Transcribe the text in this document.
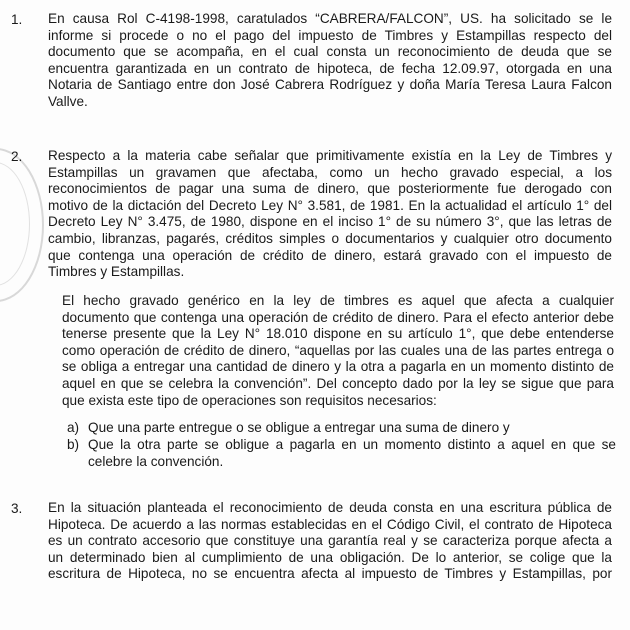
1. En causa Rol C-4198-1998, caratulados “CABRERA/FALCON”, US. ha solicitado se le
informe si procede o no el pago del impuesto de Timbres y Estampillas respecto del
documento que se acompaña, en el cual consta un reconocimiento de deuda que se
encuentra garantizada en un contrato de hipoteca, de fecha 12.09.97, otorgada en una
Notaria de Santiago entre don José Cabrera Rodríguez y doña María Teresa Laura Falcon
Vallve.
2. Respecto a la materia cabe señalar que primitivamente existía en la Ley de Timbres y
Estampillas un gravamen que afectaba, como un hecho gravado especial, a los
reconocimientos de pagar una suma de dinero, que posteriormente fue derogado con
motivo de la dictación del Decreto Ley N° 3.581, de 1981. En la actualidad el artículo 1° del
Decreto Ley N° 3.475, de 1980, dispone en el inciso 1° de su número 3°, que las letras de
cambio, libranzas, pagarés, créditos simples o documentarios y cualquier otro documento
que contenga una operación de crédito de dinero, estará gravado con el impuesto de
Timbres y Estampillas.
El hecho gravado genérico en la ley de timbres es aquel que afecta a cualquier
documento que contenga una operación de crédito de dinero. Para el efecto anterior debe
tenerse presente que la Ley N° 18.010 dispone en su artículo 1°, que debe entenderse
como operación de crédito de dinero, “aquellas por las cuales una de las partes entrega o
se obliga a entregar una cantidad de dinero y la otra a pagarla en un momento distinto de
aquel en que se celebra la convención”. Del concepto dado por la ley se sigue que para
que exista este tipo de operaciones son requisitos necesarios:
a) Que una parte entregue o se obligue a entregar una suma de dinero y
b) Que la otra parte se obligue a pagarla en un momento distinto a aquel en que se
celebre la convención.
3. En la situación planteada el reconocimiento de deuda consta en una escritura pública de
Hipoteca. De acuerdo a las normas establecidas en el Código Civil, el contrato de Hipoteca
es un contrato accesorio que constituye una garantía real y se caracteriza porque afecta a
un determinado bien al cumplimiento de una obligación. De lo anterior, se colige que la
escritura de Hipoteca, no se encuentra afecta al impuesto de Timbres y Estampillas, por
